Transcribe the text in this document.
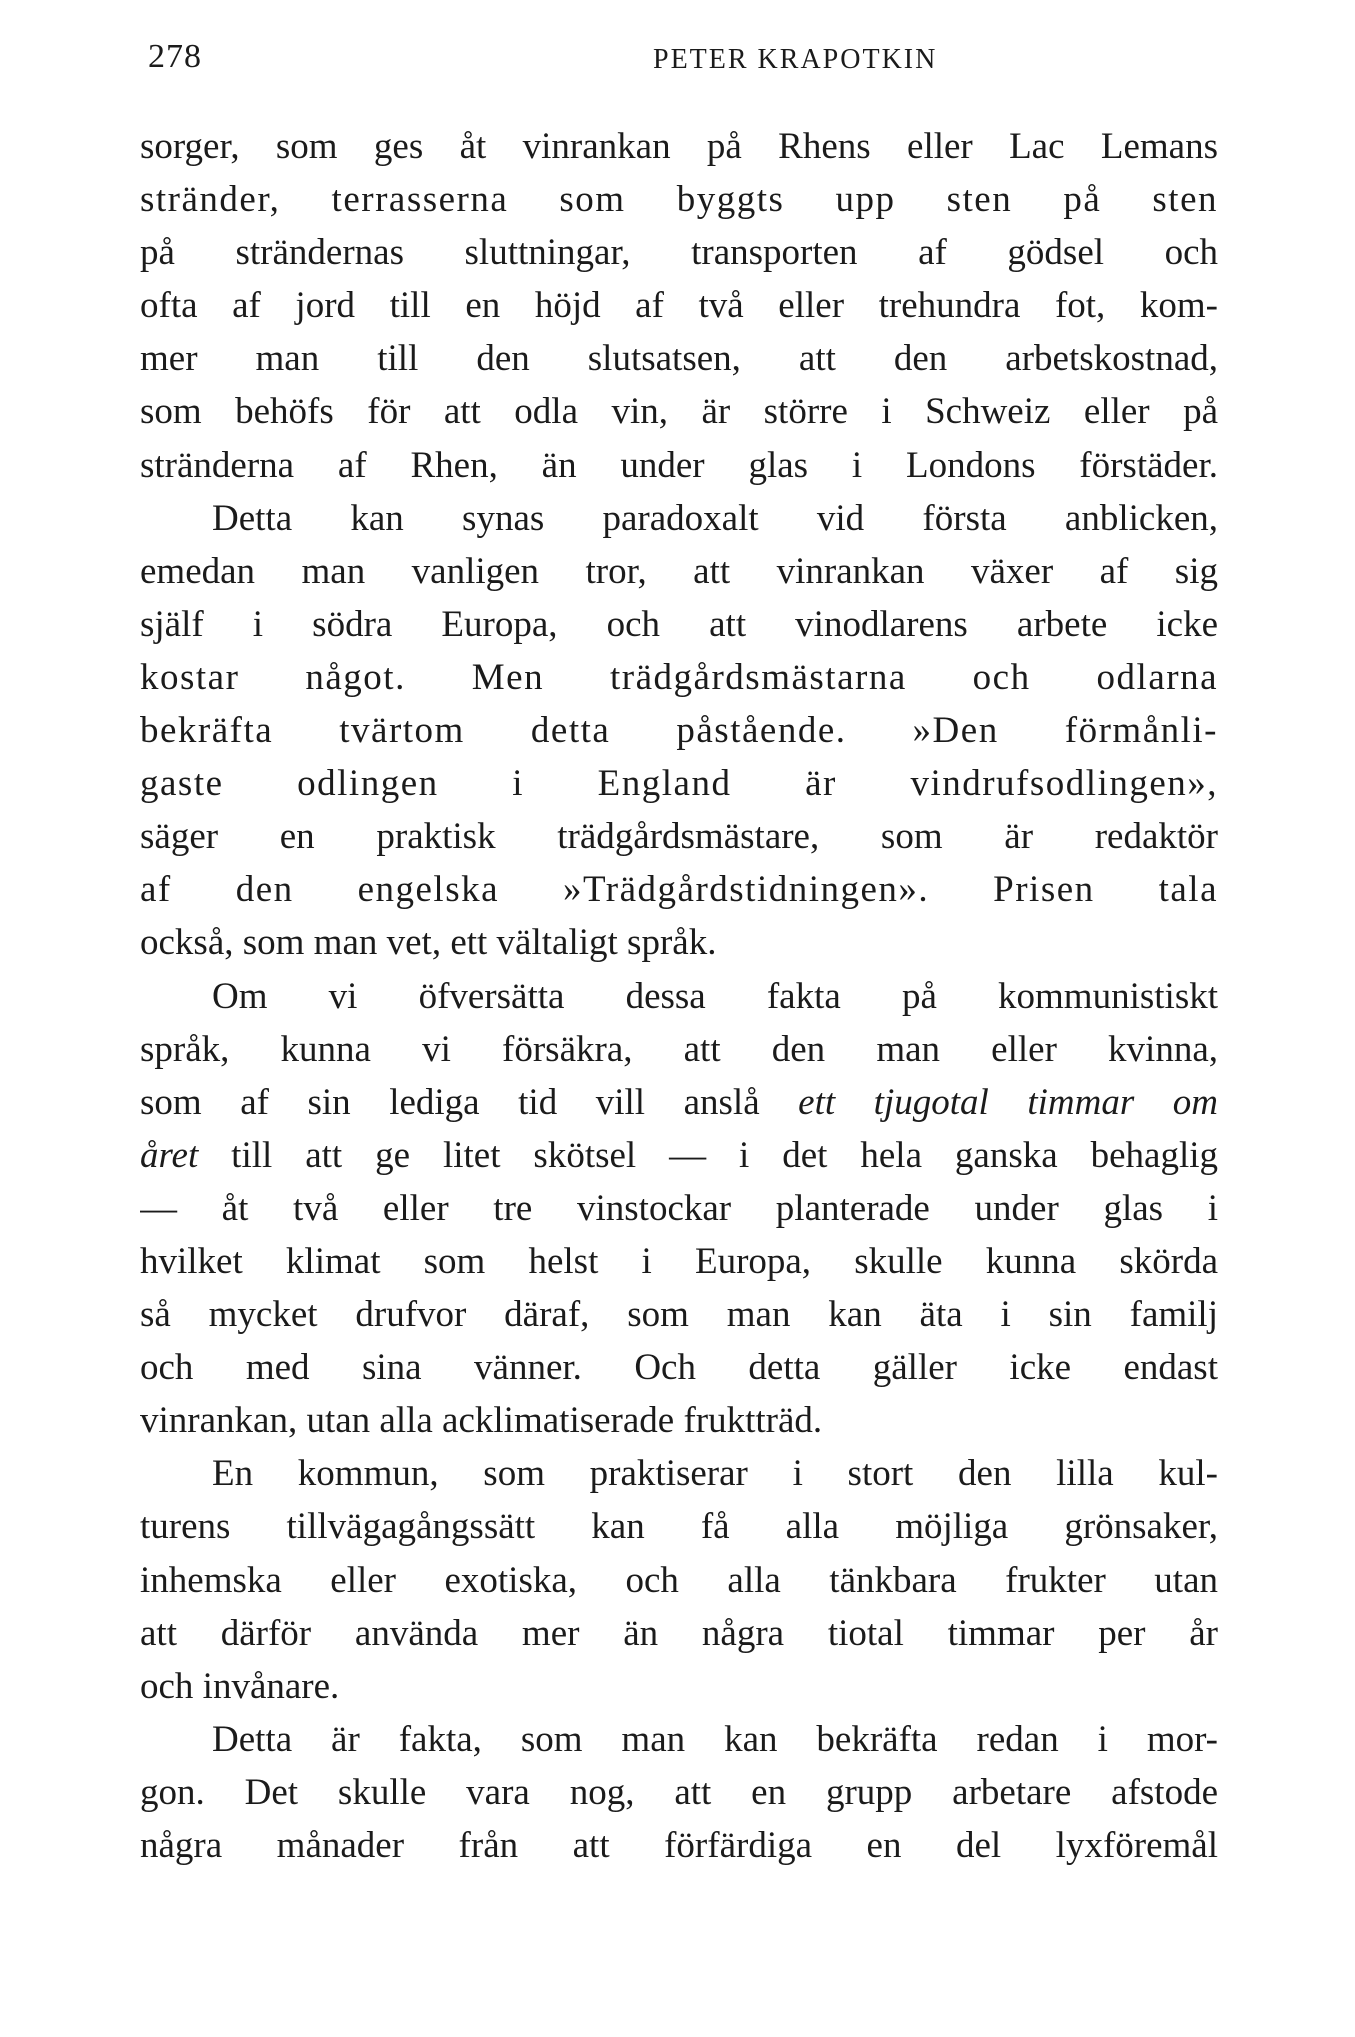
278	PETER KRAPOTKIN
sorger, som ges åt vinrankan på Rhens eller Lac Lemans
stränder, terrasserna som byggts upp sten på sten
på strändernas sluttningar, transporten af gödsel och
ofta af jord till en höjd af två eller trehundra fot, kom-
mer man till den slutsatsen, att den arbetskostnad,
som behöfs för att odla vin, är större i Schweiz eller på
stränderna af Rhen, än under glas i Londons förstäder.
Detta kan synas paradoxalt vid första anblicken,
emedan man vanligen tror, att vinrankan växer af sig
själf i södra Europa, och att vinodlarens arbete icke
kostar något. Men trädgårdsmästarna och odlarna
bekräfta tvärtom detta påstående. »Den förmånli-
gaste odlingen i England är vindrufsodlingen»,
säger en praktisk trädgårdsmästare, som är redaktör
af den engelska »Trädgårdstidningen». Prisen tala
också, som man vet, ett vältaligt språk.
Om vi öfversätta dessa fakta på kommunistiskt
språk, kunna vi försäkra, att den man eller kvinna,
som af sin lediga tid vill anslå ett tjugotal timmar om
året till att ge litet skötsel — i det hela ganska behaglig
— åt två eller tre vinstockar planterade under glas i
hvilket klimat som helst i Europa, skulle kunna skörda
så mycket drufvor däraf, som man kan äta i sin familj
och med sina vänner. Och detta gäller icke endast
vinrankan, utan alla acklimatiserade fruktträd.
En kommun, som praktiserar i stort den lilla kul-
turens tillvägagångssätt kan få alla möjliga grönsaker,
inhemska eller exotiska, och alla tänkbara frukter utan
att därför använda mer än några tiotal timmar per år
och invånare.
Detta är fakta, som man kan bekräfta redan i mor-
gon. Det skulle vara nog, att en grupp arbetare afstode
några månader från att förfärdiga en del lyxföremål
